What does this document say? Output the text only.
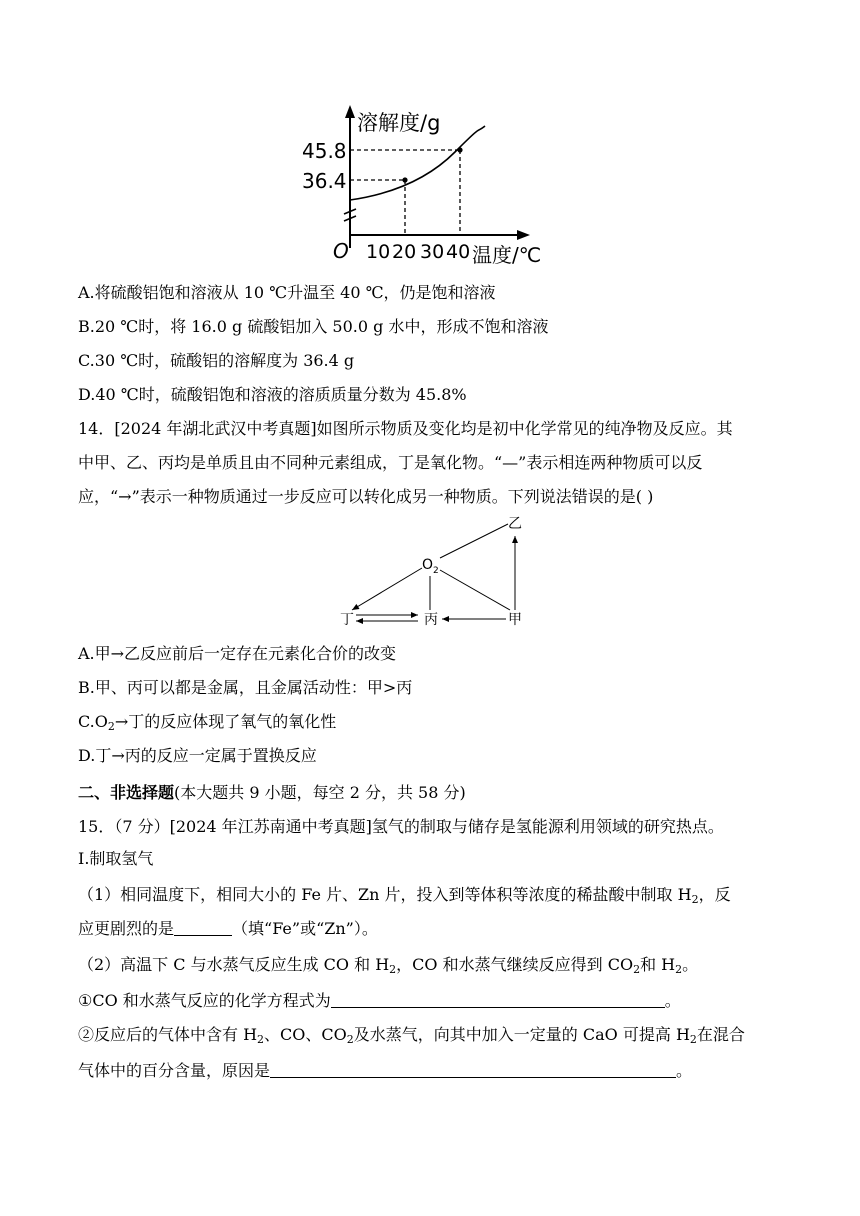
溶解度/g
45.8
36.4
O 10 20 30 40 温度/℃
A.将硫酸铝饱和溶液从 10 ℃升温至 40 ℃，仍是饱和溶液
B.20 ℃时，将 16.0 g 硫酸铝加入 50.0 g 水中，形成不饱和溶液
C.30 ℃时，硫酸铝的溶解度为 36.4 g
D.40 ℃时，硫酸铝饱和溶液的溶质质量分数为 45.8%
14．[2024 年湖北武汉中考真题]如图所示物质及变化均是初中化学常见的纯净物及反应。其
中甲、乙、丙均是单质且由不同种元素组成，丁是氧化物。“—”表示相连两种物质可以反
应，“→”表示一种物质通过一步反应可以转化成另一种物质。下列说法错误的是( )
乙
$O_2$
丁	丙	甲
A.甲→乙反应前后一定存在元素化合价的改变
B.甲、丙可以都是金属，且金属活动性：甲>丙
$C.O_2\to$丁的反应体现了氧气的氧化性
D.丁→丙的反应一定属于置换反应
二、非选择题(本大题共 9 小题，每空 2 分，共 58 分)
15．（7 分）[2024 年江苏南通中考真题]氢气的制取与储存是氢能源利用领域的研究热点。
Ⅰ.制取氢气
（1）相同温度下，相同大小的 Fe 片、Zn 片，投入到等体积等浓度的稀盐酸中制取 $H_2$，反
应更剧烈的是	（填“Fe”或“Zn”）。
（2）高温下 C 与水蒸气反应生成 CO 和 $H_2$，CO 和水蒸气继续反应得到 $CO_2$和 $H_2$。
①CO 和水蒸气反应的化学方程式为	。
②反应后的气体中含有 $H_2$、CO、$CO_2$及水蒸气，向其中加入一定量的 CaO 可提高 $H_2$在混合
气体中的百分含量，原因是	。
